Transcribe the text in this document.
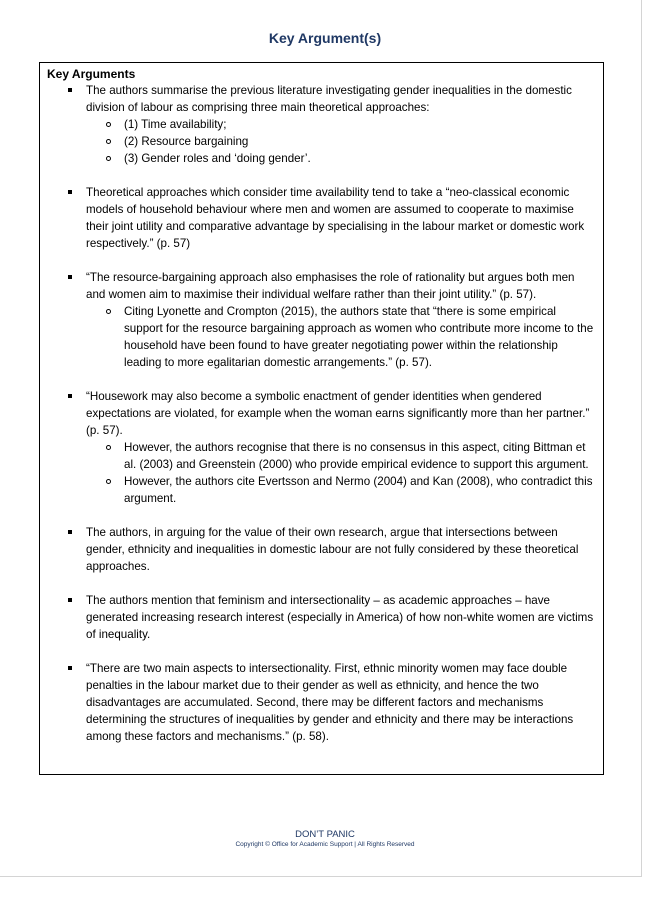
Key Argument(s)
Key Arguments
The authors summarise the previous literature investigating gender inequalities in the domestic division of labour as comprising three main theoretical approaches:
(1) Time availability;
(2) Resource bargaining
(3) Gender roles and ‘doing gender’.
Theoretical approaches which consider time availability tend to take a “neo-classical economic models of household behaviour where men and women are assumed to cooperate to maximise their joint utility and comparative advantage by specialising in the labour market or domestic work respectively.” (p. 57)
“The resource-bargaining approach also emphasises the role of rationality but argues both men and women aim to maximise their individual welfare rather than their joint utility.” (p. 57).
Citing Lyonette and Crompton (2015), the authors state that “there is some empirical support for the resource bargaining approach as women who contribute more income to the household have been found to have greater negotiating power within the relationship leading to more egalitarian domestic arrangements.” (p. 57).
“Housework may also become a symbolic enactment of gender identities when gendered expectations are violated, for example when the woman earns significantly more than her partner.” (p. 57).
However, the authors recognise that there is no consensus in this aspect, citing Bittman et al. (2003) and Greenstein (2000) who provide empirical evidence to support this argument.
However, the authors cite Evertsson and Nermo (2004) and Kan (2008), who contradict this argument.
The authors, in arguing for the value of their own research, argue that intersections between gender, ethnicity and inequalities in domestic labour are not fully considered by these theoretical approaches.
The authors mention that feminism and intersectionality – as academic approaches – have generated increasing research interest (especially in America) of how non-white women are victims of inequality.
“There are two main aspects to intersectionality. First, ethnic minority women may face double penalties in the labour market due to their gender as well as ethnicity, and hence the two disadvantages are accumulated. Second, there may be different factors and mechanisms determining the structures of inequalities by gender and ethnicity and there may be interactions among these factors and mechanisms.” (p. 58).
DON’T PANIC
Copyright © Office for Academic Support | All Rights Reserved
